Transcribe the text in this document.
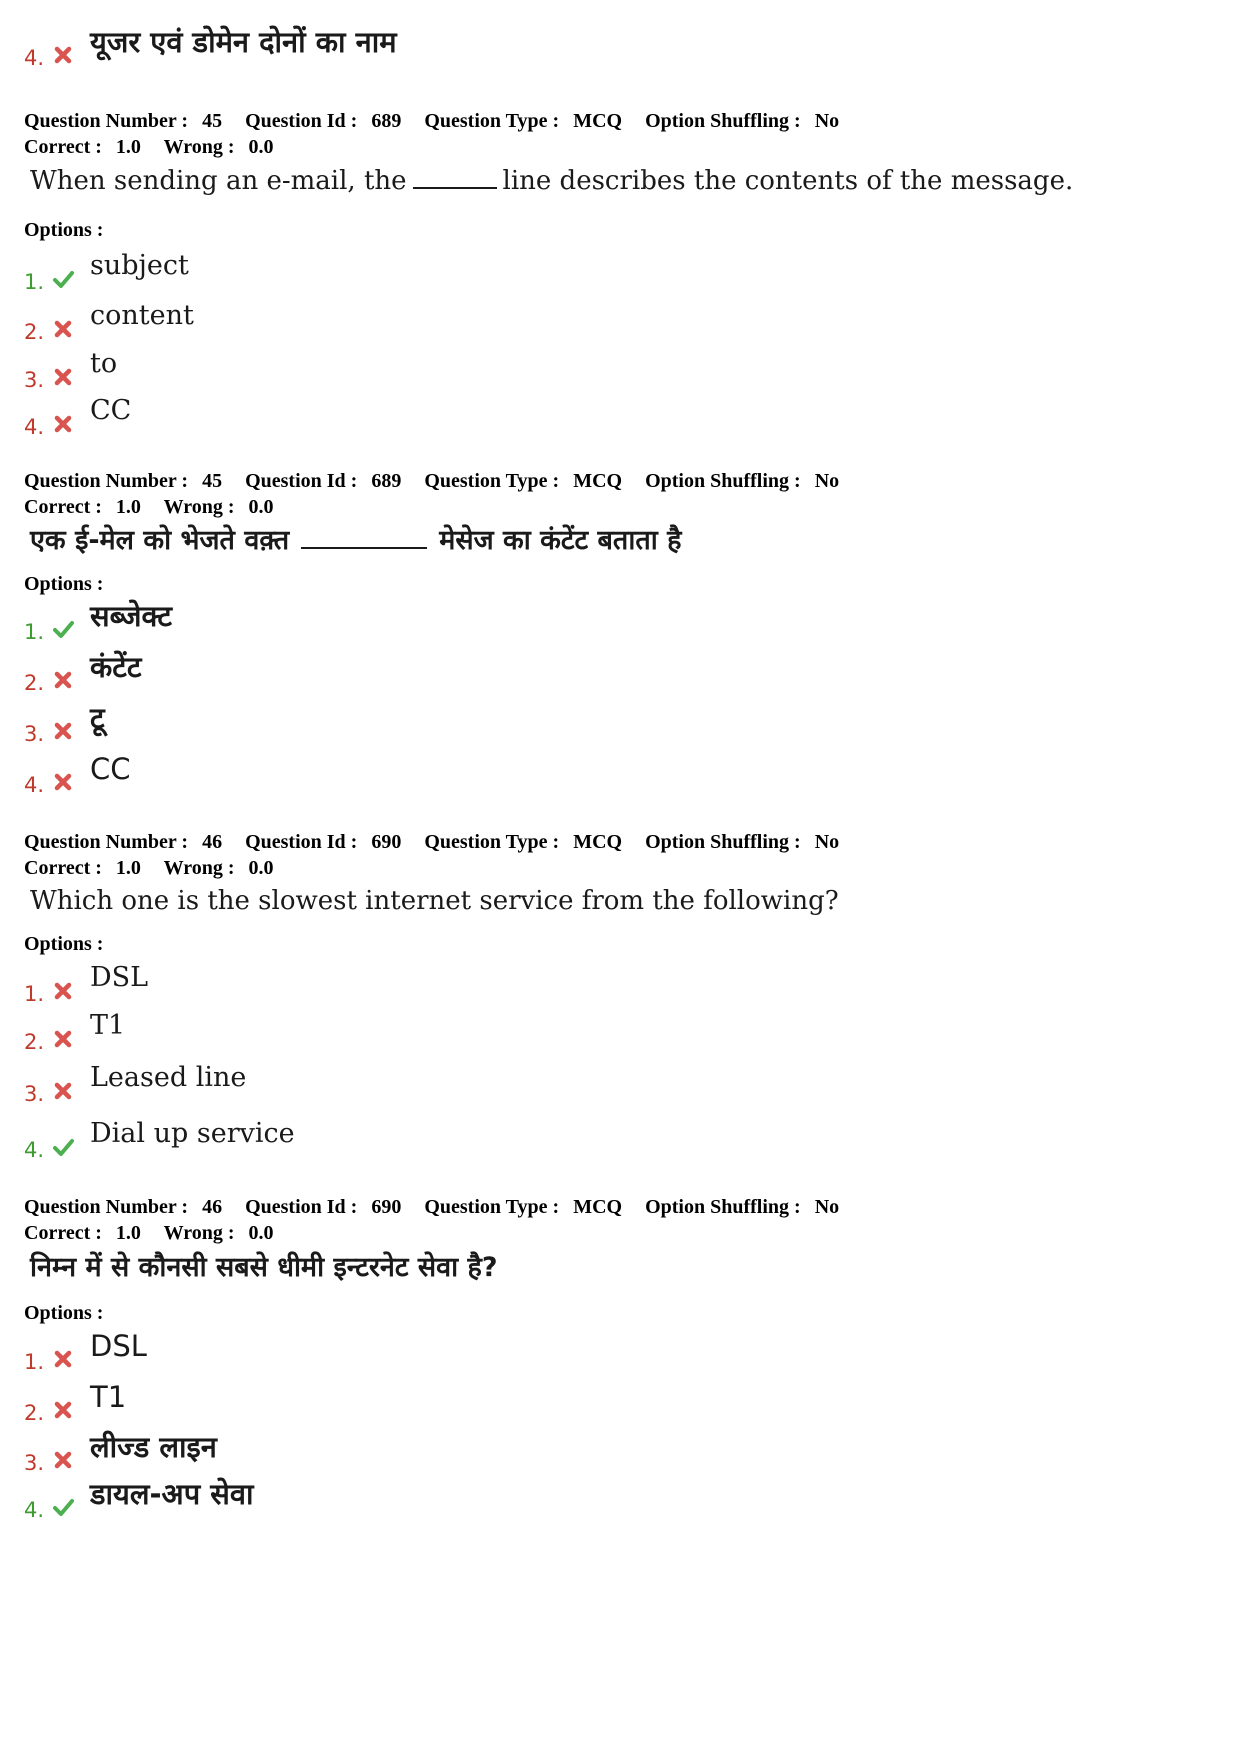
4. यूजर एवं डोमेन दोनों का नाम
Question Number : 45 Question Id : 689 Question Type : MCQ Option Shuffling : No
Correct : 1.0 Wrong : 0.0
When sending an e-mail, the	line describes the contents of the message.
Options :
1.
subject
2.
content
3.
to
4.
CC
Question Number : 45 Question Id : 689 Question Type : MCQ Option Shuffling : No
Correct : 1.0 Wrong : 0.0
एक ई-मेल को भेजते वक़्त	मेसेज का कंटेंट बताता है
Options :
1. सब्जेक्ट
2. कंटेंट
3. टू
4. CC
Question Number : 46 Question Id : 690 Question Type : MCQ Option Shuffling : No
Correct : 1.0 Wrong : 0.0
Which one is the slowest internet service from the following?
Options :
1.
DSL
2.
T1
3.
Leased line
4.
Dial up service
Question Number : 46 Question Id : 690 Question Type : MCQ Option Shuffling : No
Correct : 1.0 Wrong : 0.0
निम्न में से कौनसी सबसे धीमी इन्टरनेट सेवा है?
Options :
1. DSL
2. T1
3. लीज्ड लाइन
4. डायल-अप सेवा
